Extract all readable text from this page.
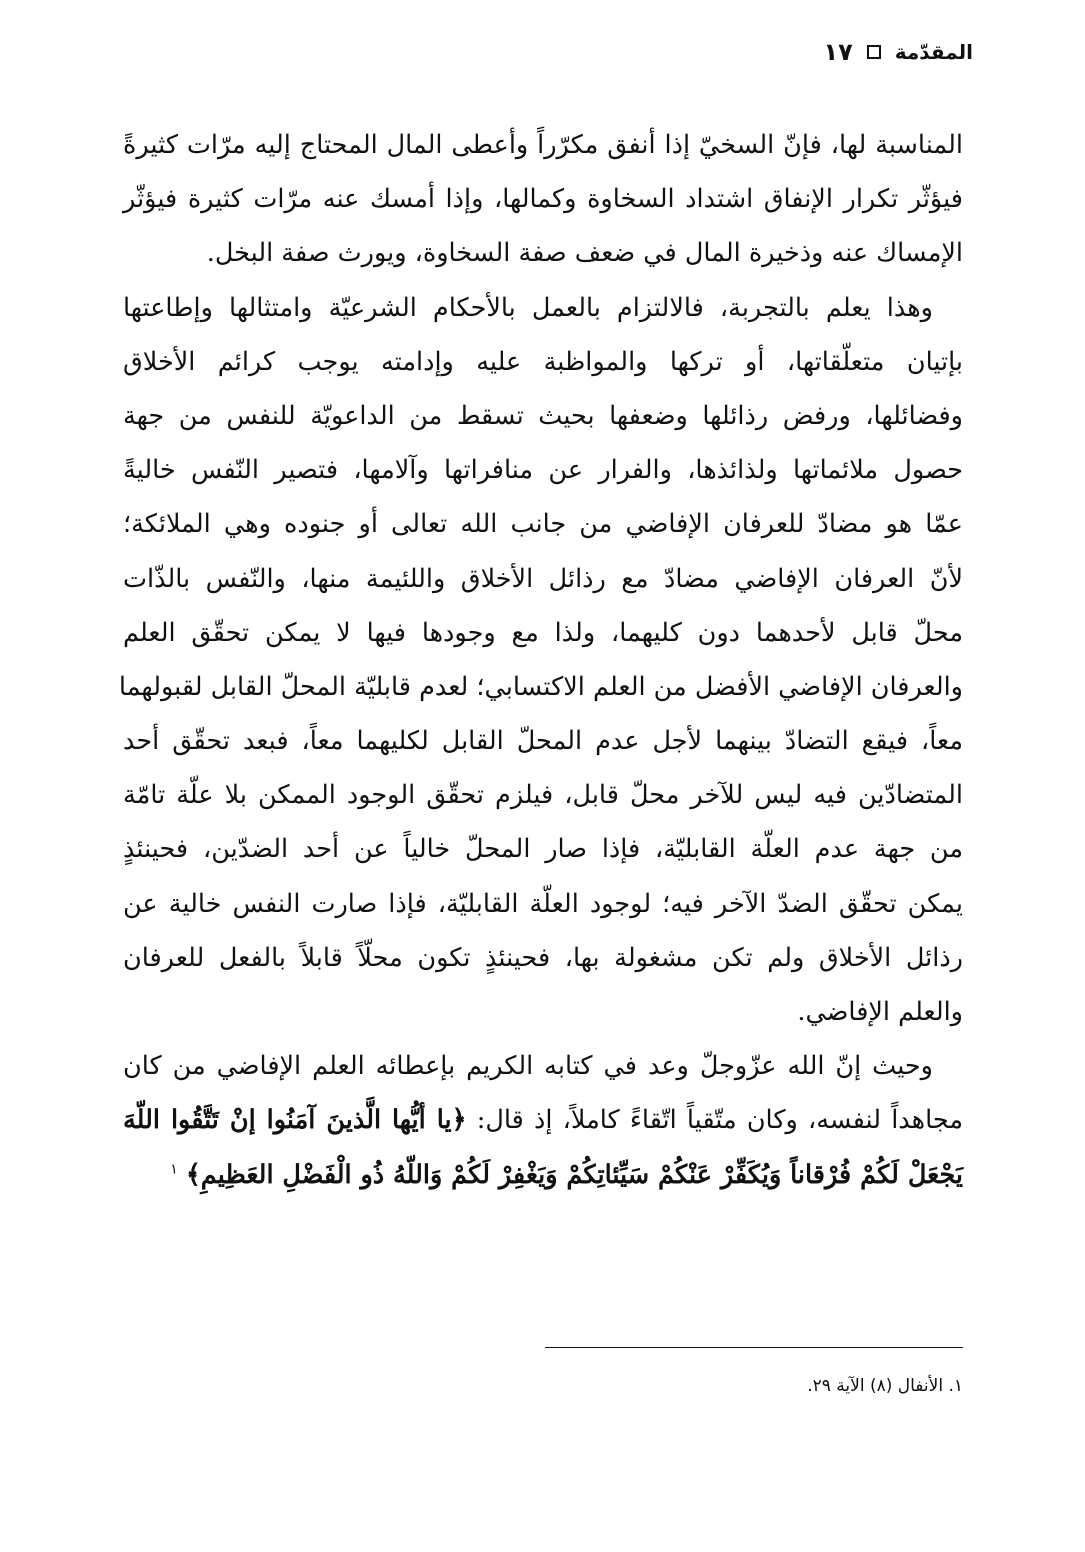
المقدّمة
١٧
المناسبة لها، فإنّ السخيّ إذا أنفق مكرّراً وأعطى المال المحتاج إليه مرّات كثيرةً
فيؤثّر تكرار الإنفاق اشتداد السخاوة وكمالها، وإذا أمسك عنه مرّات كثيرة فيؤثّر
الإمساك عنه وذخيرة المال في ضعف صفة السخاوة، ويورث صفة البخل.
وهذا يعلم بالتجربة، فالالتزام بالعمل بالأحكام الشرعيّة وامتثالها وإطاعتها
بإتيان متعلّقاتها، أو تركها والمواظبة عليه وإدامته يوجب كرائم الأخلاق
وفضائلها، ورفض رذائلها وضعفها بحيث تسقط من الداعويّة للنفس من جهة
حصول ملائماتها ولذائذها، والفرار عن منافراتها وآلامها، فتصير النّفس خاليةً
عمّا هو مضادّ للعرفان الإفاضي من جانب الله تعالى أو جنوده وهي الملائكة؛
لأنّ العرفان الإفاضي مضادّ مع رذائل الأخلاق واللئيمة منها، والنّفس بالذّات
محلّ قابل لأحدهما دون كليهما، ولذا مع وجودها فيها لا يمكن تحقّق العلم
والعرفان الإفاضي الأفضل من العلم الاكتسابي؛ لعدم قابليّة المحلّ القابل لقبولهما
معاً، فيقع التضادّ بينهما لأجل عدم المحلّ القابل لكليهما معاً، فبعد تحقّق أحد
المتضادّين فيه ليس للآخر محلّ قابل، فيلزم تحقّق الوجود الممكن بلا علّة تامّة
من جهة عدم العلّة القابليّة، فإذا صار المحلّ خالياً عن أحد الضدّين، فحينئذٍ
يمكن تحقّق الضدّ الآخر فيه؛ لوجود العلّة القابليّة، فإذا صارت النفس خالية عن
رذائل الأخلاق ولم تكن مشغولة بها، فحينئذٍ تكون محلّاً قابلاً بالفعل للعرفان
والعلم الإفاضي.
وحيث إنّ الله عزّوجلّ وعد في كتابه الكريم بإعطائه العلم الإفاضي من كان
مجاهداً لنفسه، وكان متّقياً اتّقاءً كاملاً، إذ قال: ﴿يا أيُّها الَّذينَ آمَنُوا إنْ تَتَّقُوا اللّهَ
يَجْعَلْ لَكُمْ فُرْقاناً وَيُكَفِّرْ عَنْكُمْ سَيِّئاتِكُمْ وَيَغْفِرْ لَكُمْ وَاللّهُ ذُو الْفَضْلِ العَظِيمِ﴾ $^١$
١. الأنفال (٨) الآية ٢٩.
